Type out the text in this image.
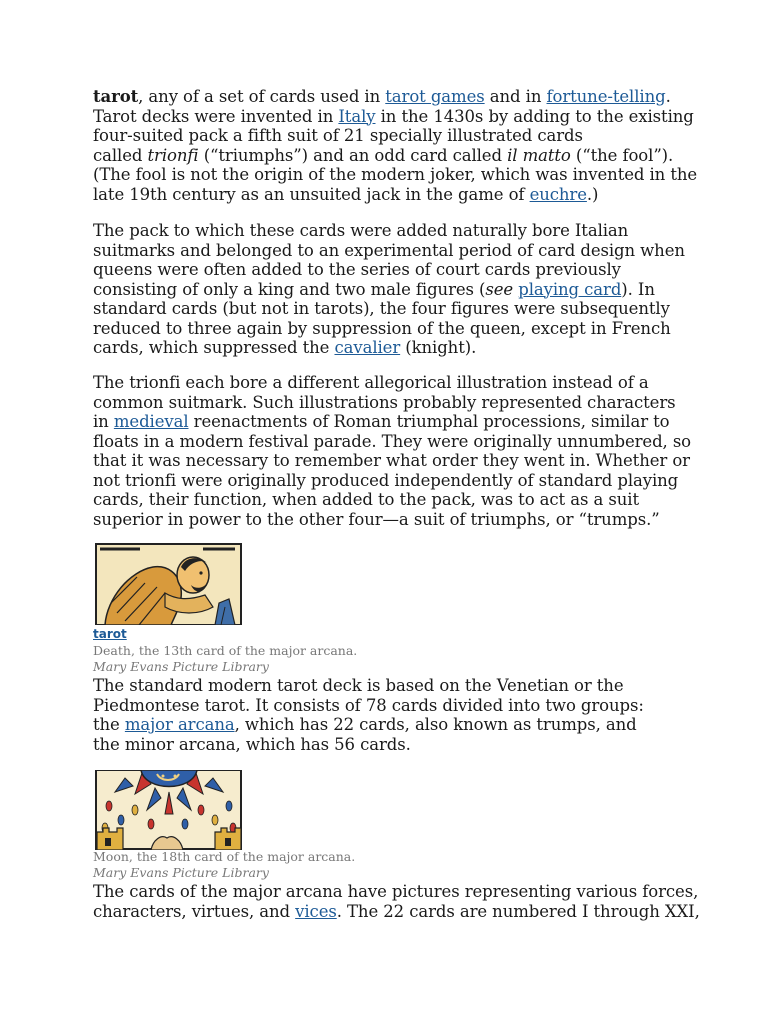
tarot, any of a set of cards used in tarot games and in fortune-telling.
Tarot decks were invented in Italy in the 1430s by adding to the existing
four-suited pack a fifth suit of 21 specially illustrated cards
called trionfi (“triumphs”) and an odd card called il matto (“the fool”).
(The fool is not the origin of the modern joker, which was invented in the
late 19th century as an unsuited jack in the game of euchre.)

The pack to which these cards were added naturally bore Italian
suitmarks and belonged to an experimental period of card design when
queens were often added to the series of court cards previously
consisting of only a king and two male figures (see playing card). In
standard cards (but not in tarots), the four figures were subsequently
reduced to three again by suppression of the queen, except in French
cards, which suppressed the cavalier (knight).

The trionfi each bore a different allegorical illustration instead of a
common suitmark. Such illustrations probably represented characters
in medieval reenactments of Roman triumphal processions, similar to
floats in a modern festival parade. They were originally unnumbered, so
that it was necessary to remember what order they went in. Whether or
not trionfi were originally produced independently of standard playing
cards, their function, when added to the pack, was to act as a suit
superior in power to the other four—a suit of triumphs, or “trumps.”

tarot

Death, the 13th card of the major arcana.

Mary Evans Picture Library

The standard modern tarot deck is based on the Venetian or the
Piedmontese tarot. It consists of 78 cards divided into two groups:
the major arcana, which has 22 cards, also known as trumps, and
the minor arcana, which has 56 cards.

Moon, the 18th card of the major arcana.

Mary Evans Picture Library

The cards of the major arcana have pictures representing various forces,
characters, virtues, and vices. The 22 cards are numbered I through XXI,
